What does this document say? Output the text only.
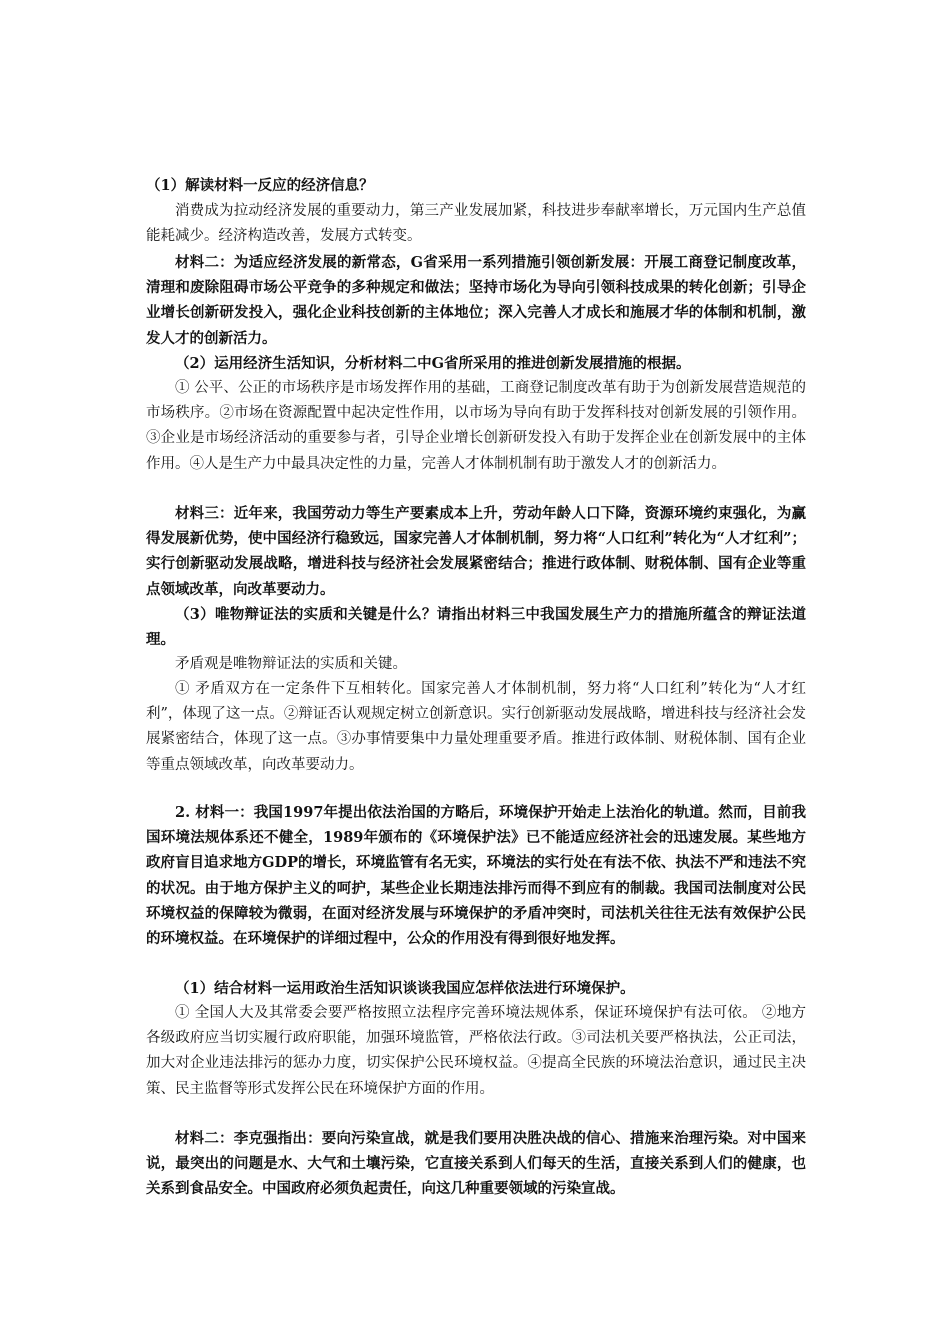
（1）解读材料一反应的经济信息？

消费成为拉动经济发展的重要动力，第三产业发展加紧，科技进步奉献率增长，万元国内生产总值能耗减少。经济构造改善，发展方式转变。

材料二：为适应经济发展的新常态，G省采用一系列措施引领创新发展：开展工商登记制度改革，清理和废除阻碍市场公平竞争的多种规定和做法；坚持市场化为导向引领科技成果的转化创新；引导企业增长创新研发投入，强化企业科技创新的主体地位；深入完善人才成长和施展才华的体制和机制，激发人才的创新活力。

（2）运用经济生活知识，分析材料二中G省所采用的推进创新发展措施的根据。

① 公平、公正的市场秩序是市场发挥作用的基础，工商登记制度改革有助于为创新发展营造规范的市场秩序。②市场在资源配置中起决定性作用，以市场为导向有助于发挥科技对创新发展的引领作用。③企业是市场经济活动的重要参与者，引导企业增长创新研发投入有助于发挥企业在创新发展中的主体作用。④人是生产力中最具决定性的力量，完善人才体制机制有助于激发人才的创新活力。

材料三：近年来，我国劳动力等生产要素成本上升，劳动年龄人口下降，资源环境约束强化，为赢得发展新优势，使中国经济行稳致远，国家完善人才体制机制，努力将“人口红利”转化为“人才红利”；实行创新驱动发展战略，增进科技与经济社会发展紧密结合；推进行政体制、财税体制、国有企业等重点领域改革，向改革要动力。

（3）唯物辩证法的实质和关键是什么？请指出材料三中我国发展生产力的措施所蕴含的辩证法道理。

矛盾观是唯物辩证法的实质和关键。

① 矛盾双方在一定条件下互相转化。国家完善人才体制机制，努力将“人口红利”转化为“人才红利”，体现了这一点。②辩证否认观规定树立创新意识。实行创新驱动发展战略，增进科技与经济社会发展紧密结合，体现了这一点。③办事情要集中力量处理重要矛盾。推进行政体制、财税体制、国有企业等重点领域改革，向改革要动力。

2. 材料一：我国1997年提出依法治国的方略后，环境保护开始走上法治化的轨道。然而，目前我国环境法规体系还不健全，1989年颁布的《环境保护法》已不能适应经济社会的迅速发展。某些地方政府盲目追求地方GDP的增长，环境监管有名无实，环境法的实行处在有法不依、执法不严和违法不究的状况。由于地方保护主义的呵护，某些企业长期违法排污而得不到应有的制裁。我国司法制度对公民环境权益的保障较为微弱，在面对经济发展与环境保护的矛盾冲突时，司法机关往往无法有效保护公民的环境权益。在环境保护的详细过程中，公众的作用没有得到很好地发挥。

（1）结合材料一运用政治生活知识谈谈我国应怎样依法进行环境保护。

① 全国人大及其常委会要严格按照立法程序完善环境法规体系，保证环境保护有法可依。 ②地方各级政府应当切实履行政府职能，加强环境监管，严格依法行政。③司法机关要严格执法，公正司法，加大对企业违法排污的惩办力度，切实保护公民环境权益。④提高全民族的环境法治意识，通过民主决策、民主监督等形式发挥公民在环境保护方面的作用。

材料二：李克强指出：要向污染宣战，就是我们要用决胜决战的信心、措施来治理污染。对中国来说，最突出的问题是水、大气和土壤污染，它直接关系到人们每天的生活，直接关系到人们的健康，也关系到食品安全。中国政府必须负起责任，向这几种重要领域的污染宣战。
